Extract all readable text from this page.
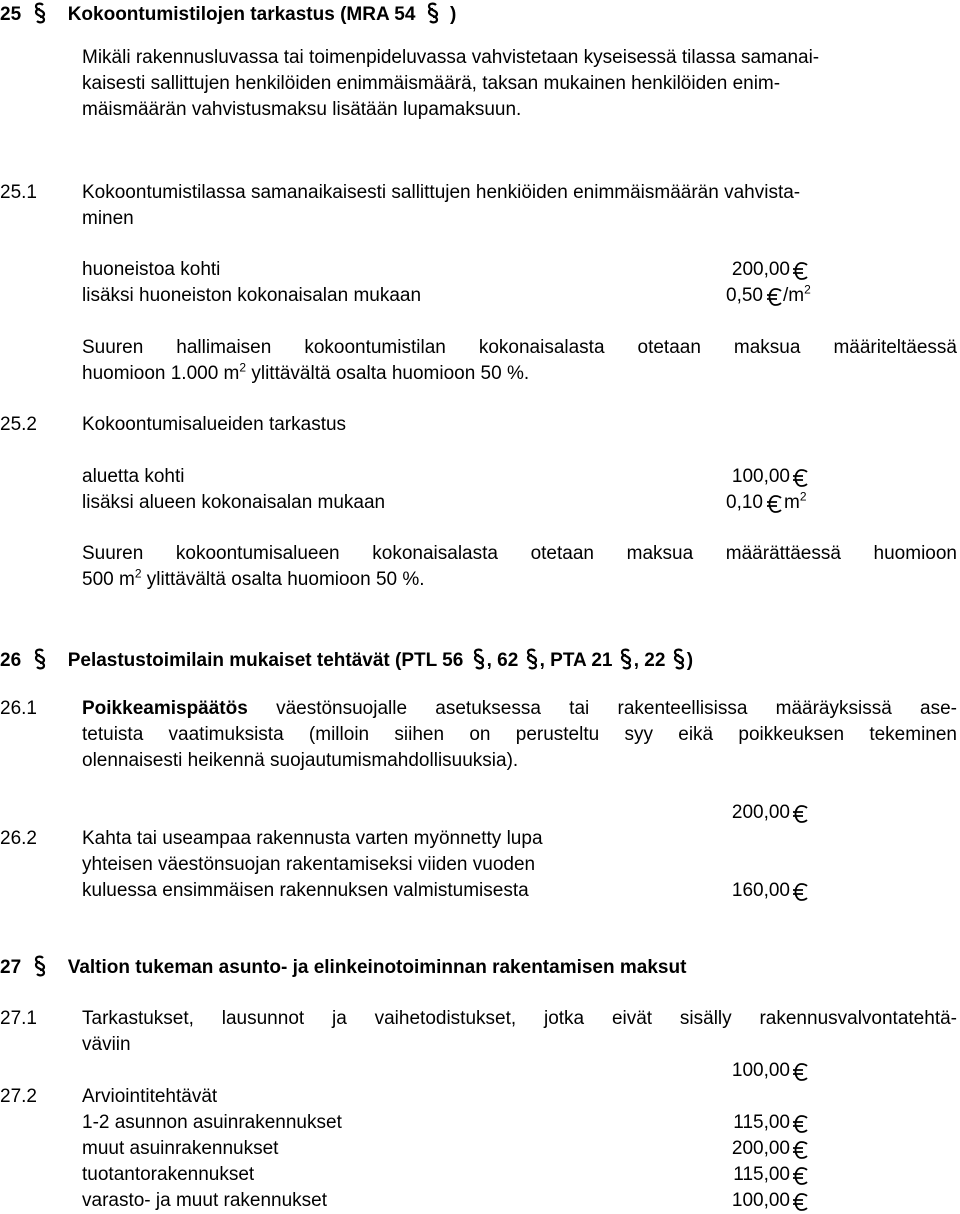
25 Kokoontumistilojen tarkastus (MRA 54 )
Mikäli rakennusluvassa tai toimenpideluvassa vahvistetaan kyseisessä tilassa samanai-
kaisesti sallittujen henkilöiden enimmäismäärä, taksan mukainen henkilöiden enim-
mäismäärän vahvistusmaksu lisätään lupamaksuun.
25.1 Kokoontumistilassa samanaikaisesti sallittujen henkiöiden enimmäismäärän vahvista-
minen
huoneistoa kohti	200,00
lisäksi huoneiston kokonaisalan mukaan	0,50 $/m^2$
Suuren hallimaisen kokoontumistilan kokonaisalasta otetaan maksua määriteltäessä
huomioon 1.000 $m^2$ ylittävältä osalta huomioon 50 %.
25.2 Kokoontumisalueiden tarkastus
aluetta kohti	100,00
lisäksi alueen kokonaisalan mukaan	0,10 $m^2$
Suuren kokoontumisalueen kokonaisalasta otetaan maksua määrättäessä huomioon
500 $m^2$ ylittävältä osalta huomioon 50 %.
26 Pelastustoimilain mukaiset tehtävät (PTL 56 , 62 , PTA 21 , 22 )
26.1 Poikkeamispäätös väestönsuojalle asetuksessa tai rakenteellisissa määräyksissä ase-
tetuista vaatimuksista (milloin siihen on perusteltu syy eikä poikkeuksen tekeminen
olennaisesti heikennä suojautumismahdollisuuksia).
200,00
26.2 Kahta tai useampaa rakennusta varten myönnetty lupa
yhteisen väestönsuojan rakentamiseksi viiden vuoden
kuluessa ensimmäisen rakennuksen valmistumisesta	160,00
27 Valtion tukeman asunto- ja elinkeinotoiminnan rakentamisen maksut
27.1 Tarkastukset, lausunnot ja vaihetodistukset, jotka eivät sisälly rakennusvalvontatehtä-
väviin
100,00
27.2 Arviointitehtävät
1-2 asunnon asuinrakennukset	115,00
muut asuinrakennukset	200,00
tuotantorakennukset	115,00
varasto- ja muut rakennukset	100,00
